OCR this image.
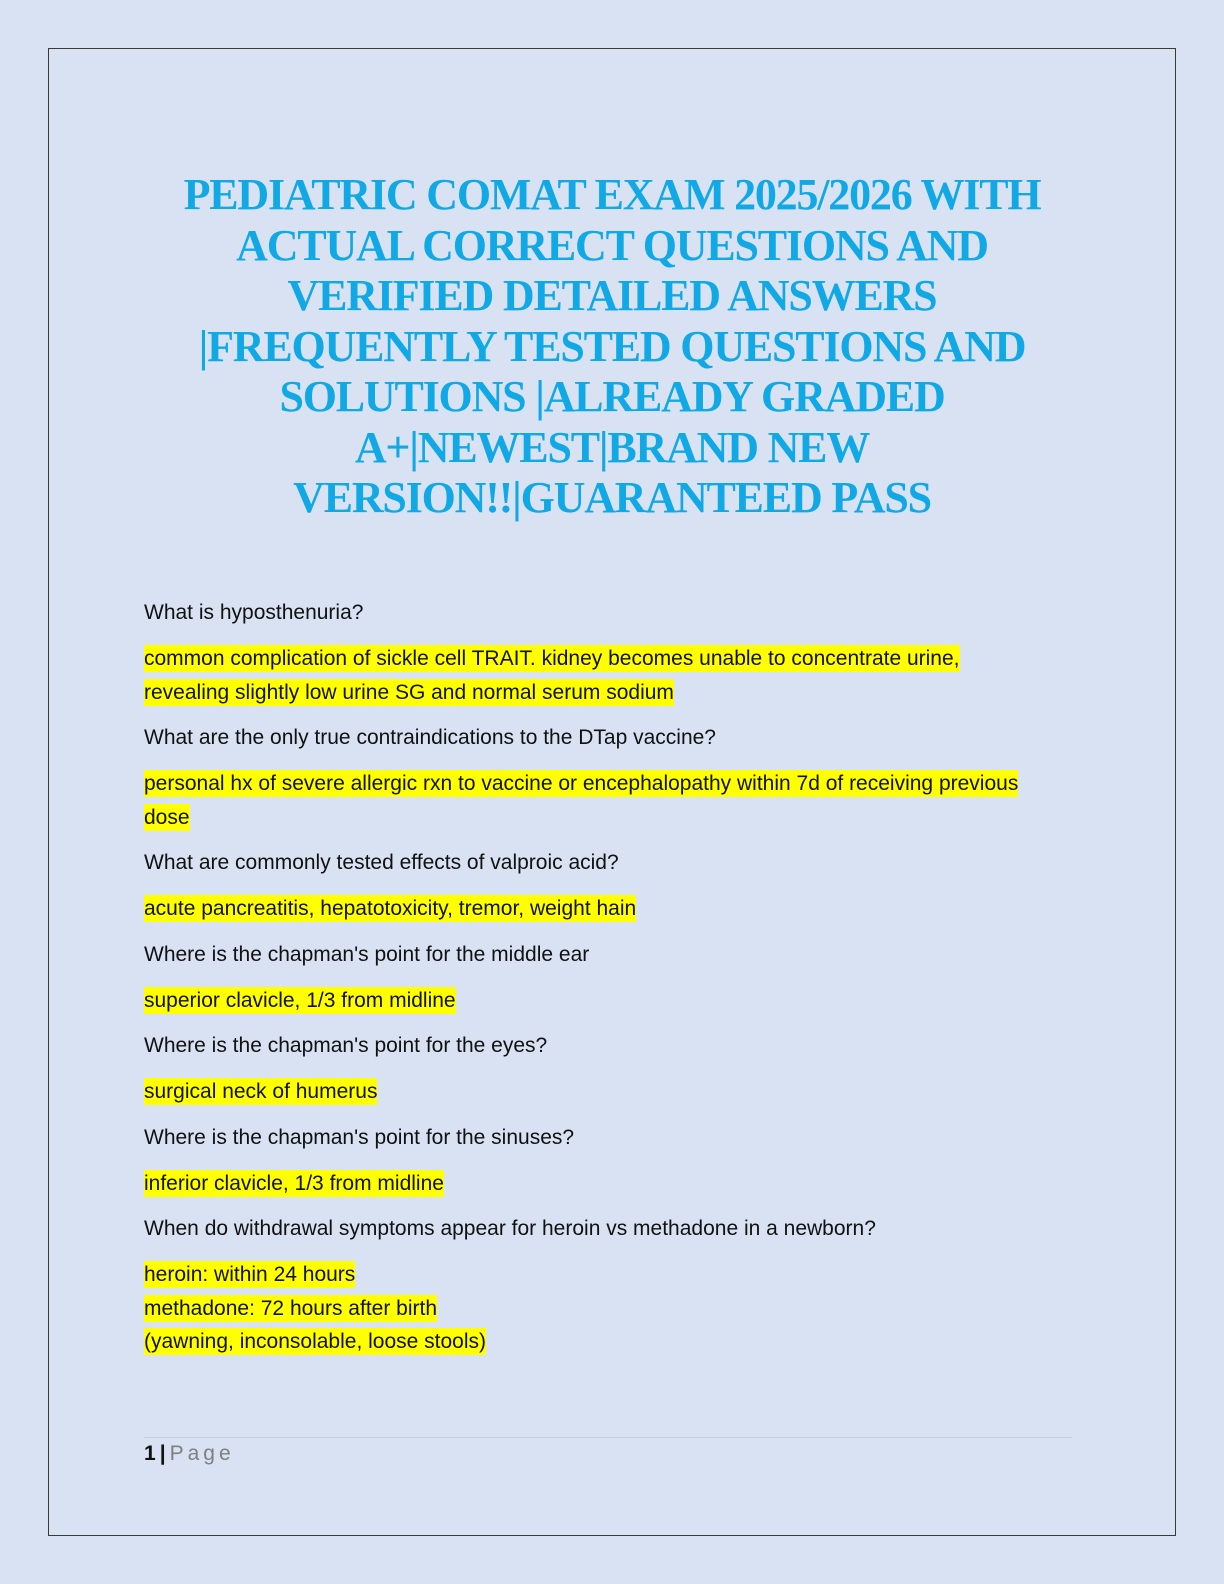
PEDIATRIC COMAT EXAM 2025/2026 WITH
ACTUAL CORRECT QUESTIONS AND
VERIFIED DETAILED ANSWERS
|FREQUENTLY TESTED QUESTIONS AND
SOLUTIONS |ALREADY GRADED
A+|NEWEST|BRAND NEW
VERSION!!|GUARANTEED PASS

What is hyposthenuria?

common complication of sickle cell TRAIT. kidney becomes unable to concentrate urine,
revealing slightly low urine SG and normal serum sodium

What are the only true contraindications to the DTap vaccine?

personal hx of severe allergic rxn to vaccine or encephalopathy within 7d of receiving previous
dose

What are commonly tested effects of valproic acid?

acute pancreatitis, hepatotoxicity, tremor, weight hain

Where is the chapman's point for the middle ear

superior clavicle, 1/3 from midline

Where is the chapman's point for the eyes?

surgical neck of humerus

Where is the chapman's point for the sinuses?

inferior clavicle, 1/3 from midline

When do withdrawal symptoms appear for heroin vs methadone in a newborn?

heroin: within 24 hours
methadone: 72 hours after birth
(yawning, inconsolable, loose stools)

1 | Page
